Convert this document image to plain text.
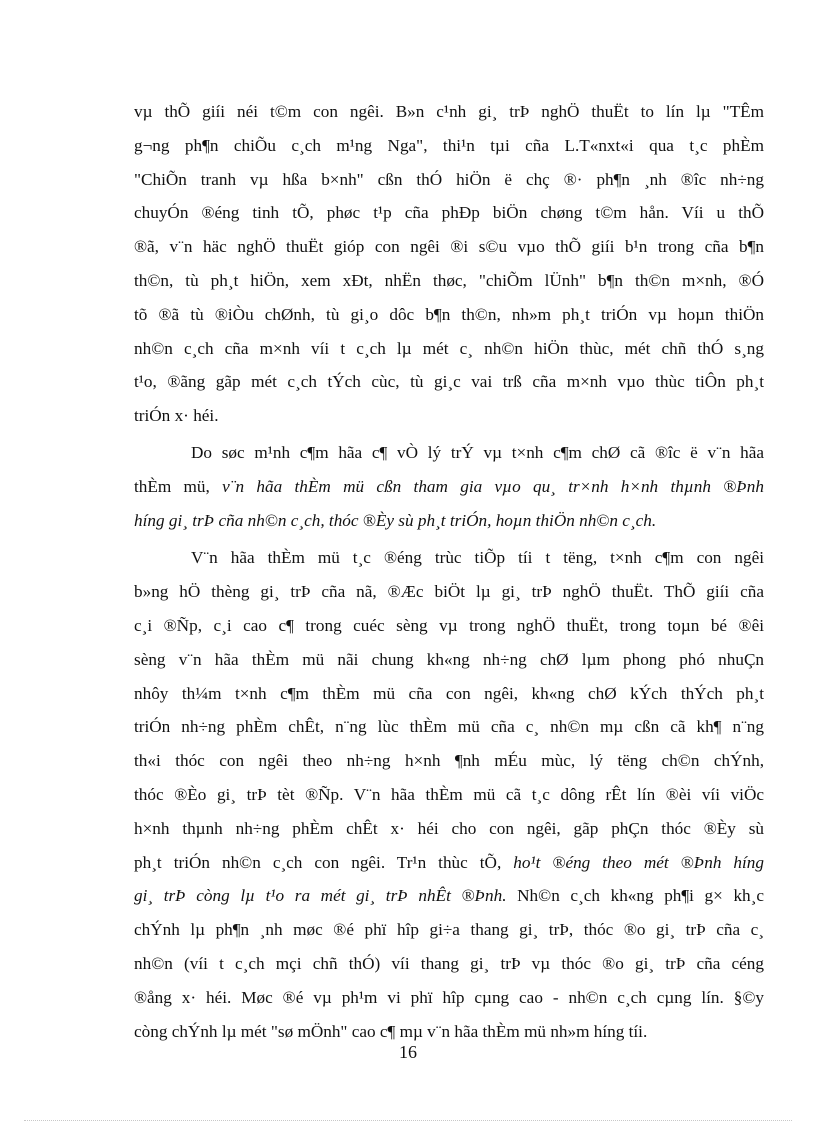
vµ thÕ giíi néi t©m con ngêi. B»n c¹nh gi¸ trÞ nghÖ thuËt to lín lµ "TÊm
g¬ng ph¶n chiÕu c¸ch m¹ng Nga", thi¹n tµi cña L.T«nxt«i qua t¸c phÈm
"ChiÕn tranh vµ hßa b×nh" cßn thÓ hiÖn ë chç ®· ph¶n ¸nh ®îc nh÷ng
chuyÓn ®éng tinh tÕ, phøc t¹p cña phÐp biÖn chøng t©m hån. Víi u thÕ
®ã, v¨n häc nghÖ thuËt gióp con ngêi ®i s©u vµo thÕ giíi b¹n trong cña b¶n
th©n, tù ph¸t hiÖn, xem xÐt, nhËn thøc, "chiÕm lÜnh" b¶n th©n m×nh, ®Ó
tõ ®ã tù ®iÒu chØnh, tù gi¸o dôc b¶n th©n, nh»m ph¸t triÓn vµ hoµn thiÖn
nh©n c¸ch cña m×nh víi t c¸ch lµ mét c¸ nh©n hiÖn thùc, mét chñ thÓ s¸ng
t¹o, ®ãng gãp mét c¸ch tÝch cùc, tù gi¸c vai trß cña m×nh vµo thùc tiÔn ph¸t
triÓn x· héi.
Do søc m¹nh c¶m hãa c¶ vÒ lý trÝ vµ t×nh c¶m chØ cã ®îc ë v¨n hãa
thÈm mü, v¨n hãa thÈm mü cßn tham gia vµo qu¸ tr×nh h×nh thµnh ®Þnh
híng gi¸ trÞ cña nh©n c¸ch, thóc ®Èy sù ph¸t triÓn, hoµn thiÖn nh©n c¸ch.
V¨n hãa thÈm mü t¸c ®éng trùc tiÕp tíi t tëng, t×nh c¶m con ngêi
b»ng hÖ thèng gi¸ trÞ cña nã, ®Æc biÖt lµ gi¸ trÞ nghÖ thuËt. ThÕ giíi cña
c¸i ®Ñp, c¸i cao c¶ trong cuéc sèng vµ trong nghÖ thuËt, trong toµn bé ®êi
sèng v¨n hãa thÈm mü nãi chung kh«ng nh÷ng chØ lµm phong phó nhuÇn
nhôy th¼m t×nh c¶m thÈm mü cña con ngêi, kh«ng chØ kÝch thÝch ph¸t
triÓn nh÷ng phÈm chÊt, n¨ng lùc thÈm mü cña c¸ nh©n mµ cßn cã kh¶ n¨ng
th«i thóc con ngêi theo nh÷ng h×nh ¶nh mÉu mùc, lý tëng ch©n chÝnh,
thóc ®Èo gi¸ trÞ tèt ®Ñp. V¨n hãa thÈm mü cã t¸c dông rÊt lín ®èi víi viÖc
h×nh thµnh nh÷ng phÈm chÊt x· héi cho con ngêi, gãp phÇn thóc ®Èy sù
ph¸t triÓn nh©n c¸ch con ngêi. Tr¹n thùc tÕ, ho¹t ®éng theo mét ®Þnh híng
gi¸ trÞ còng lµ t¹o ra mét gi¸ trÞ nhÊt ®Þnh. Nh©n c¸ch kh«ng ph¶i g× kh¸c
chÝnh lµ ph¶n ¸nh møc ®é phï hîp gi÷a thang gi¸ trÞ, thóc ®o gi¸ trÞ cña c¸
nh©n (víi t c¸ch mçi chñ thÓ) víi thang gi¸ trÞ vµ thóc ®o gi¸ trÞ cña céng
®ång x· héi. Møc ®é vµ ph¹m vi phï hîp cµng cao - nh©n c¸ch cµng lín. §©y
còng chÝnh lµ mét "sø mÖnh" cao c¶ mµ v¨n hãa thÈm mü nh»m híng tíi.
16
